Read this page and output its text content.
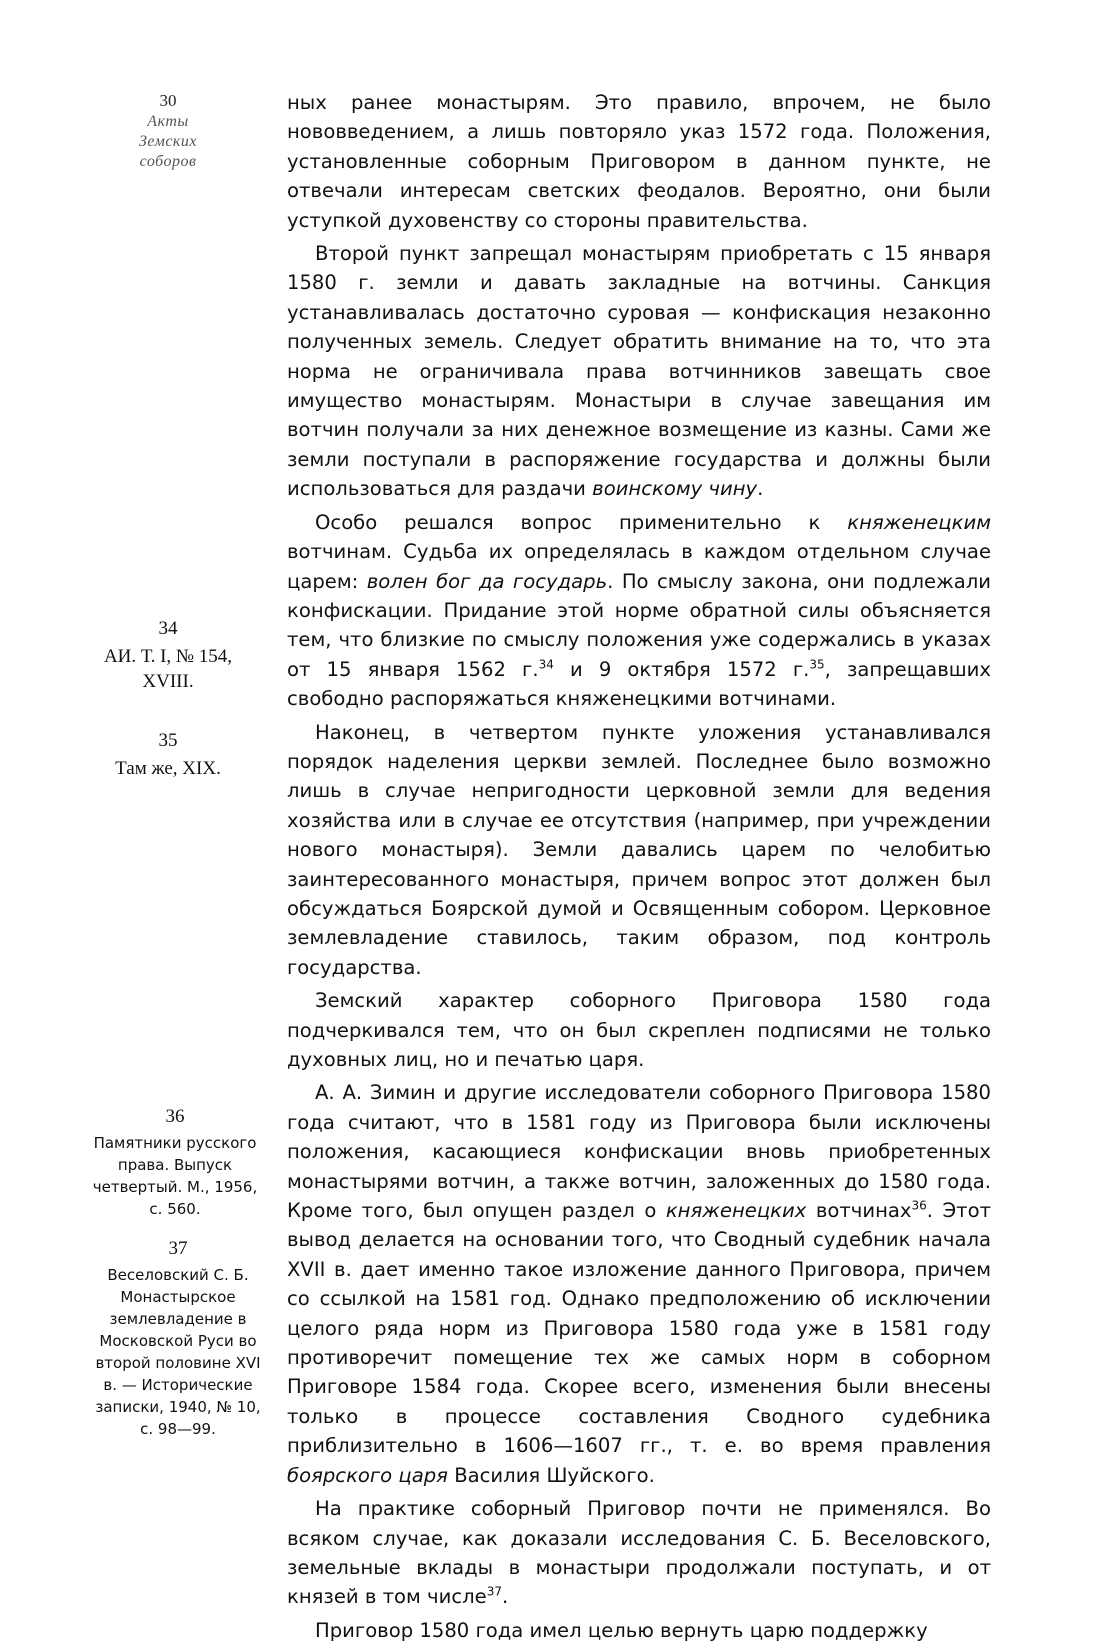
30
Акты
Земских
соборов
34
АИ. Т. I, № 154, XVIII.
35
Там же, XIX.
36
Памятники русского права. Выпуск четвертый. М., 1956, с. 560.
37
Веселовский С. Б. Монастырское землевладение в Московской Руси во второй половине XVI в. — Исторические записки, 1940, № 10, с. 98—99.

ных ранее монастырям. Это правило, впрочем, не было нововведением, а лишь повторяло указ 1572 года. Положения, установленные соборным Приговором в данном пункте, не отвечали интересам светских феодалов. Вероятно, они были уступкой духовенству со стороны правительства.

Второй пункт запрещал монастырям приобретать с 15 января 1580 г. земли и давать закладные на вотчины. Санкция устанавливалась достаточно суровая — конфискация незаконно полученных земель. Следует обратить внимание на то, что эта норма не ограничивала права вотчинников завещать свое имущество монастырям. Монастыри в случае завещания им вотчин получали за них денежное возмещение из казны. Сами же земли поступали в распоряжение государства и должны были использоваться для раздачи воинскому чину.

Особо решался вопрос применительно к княженецким вотчинам. Судьба их определялась в каждом отдельном случае царем: волен бог да государь. По смыслу закона, они подлежали конфискации. Придание этой норме обратной силы объясняется тем, что близкие по смыслу положения уже содержались в указах от 15 января 1562 г.$^{34}$ и 9 октября 1572 г.$^{35}$, запрещавших свободно распоряжаться княженецкими вотчинами.

Наконец, в четвертом пункте уложения устанавливался порядок наделения церкви землей. Последнее было возможно лишь в случае непригодности церковной земли для ведения хозяйства или в случае ее отсутствия (например, при учреждении нового монастыря). Земли давались царем по челобитью заинтересованного монастыря, причем вопрос этот должен был обсуждаться Боярской думой и Освященным собором. Церковное землевладение ставилось, таким образом, под контроль государства.

Земский характер соборного Приговора 1580 года подчеркивался тем, что он был скреплен подписями не только духовных лиц, но и печатью царя.

А. А. Зимин и другие исследователи соборного Приговора 1580 года считают, что в 1581 году из Приговора были исключены положения, касающиеся конфискации вновь приобретенных монастырями вотчин, а также вотчин, заложенных до 1580 года. Кроме того, был опущен раздел о княженецких вотчинах$^{36}$. Этот вывод делается на основании того, что Сводный судебник начала XVII в. дает именно такое изложение данного Приговора, причем со ссылкой на 1581 год. Однако предположению об исключении целого ряда норм из Приговора 1580 года уже в 1581 году противоречит помещение тех же самых норм в соборном Приговоре 1584 года. Скорее всего, изменения были внесены только в процессе составления Сводного судебника приблизительно в 1606—1607 гг., т. е. во время правления боярского царя Василия Шуйского.

На практике соборный Приговор почти не применялся. Во всяком случае, как доказали исследования С. Б. Веселовского, земельные вклады в монастыри продолжали поступать, и от князей в том числе$^{37}$.

Приговор 1580 года имел целью вернуть царю поддержку
